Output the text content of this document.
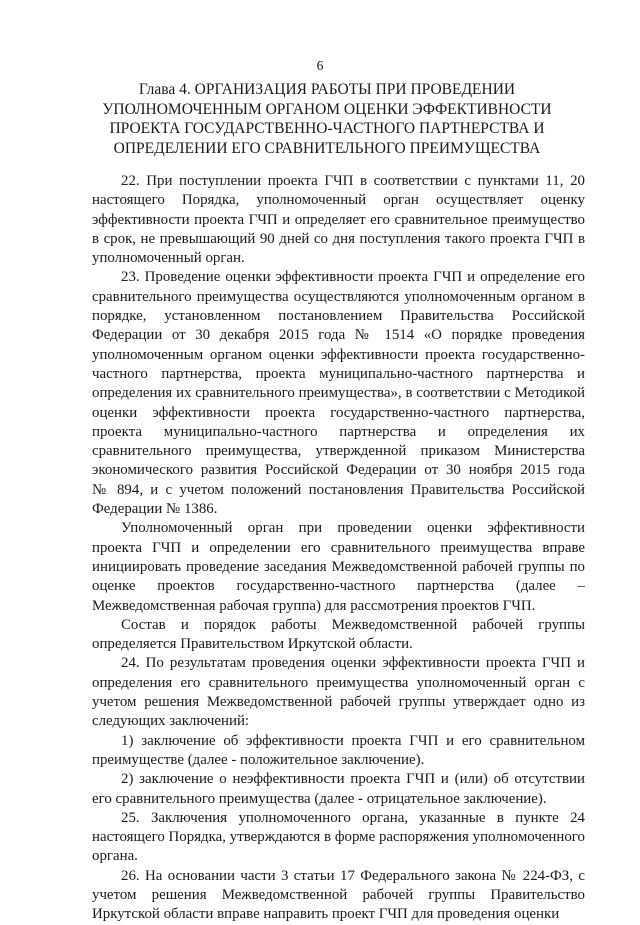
6
Глава 4. ОРГАНИЗАЦИЯ РАБОТЫ ПРИ ПРОВЕДЕНИИ
УПОЛНОМОЧЕННЫМ ОРГАНОМ ОЦЕНКИ ЭФФЕКТИВНОСТИ
ПРОЕКТА ГОСУДАРСТВЕННО-ЧАСТНОГО ПАРТНЕРСТВА И
ОПРЕДЕЛЕНИИ ЕГО СРАВНИТЕЛЬНОГО ПРЕИМУЩЕСТВА
22. При поступлении проекта ГЧП в соответствии с пунктами 11, 20
настоящего Порядка, уполномоченный орган осуществляет оценку
эффективности проекта ГЧП и определяет его сравнительное преимущество
в срок, не превышающий 90 дней со дня поступления такого проекта ГЧП в
уполномоченный орган.
23. Проведение оценки эффективности проекта ГЧП и определение его
сравнительного преимущества осуществляются уполномоченным органом в
порядке, установленном постановлением Правительства Российской
Федерации от 30 декабря 2015 года № 1514 «О порядке проведения
уполномоченным органом оценки эффективности проекта государственно-
частного партнерства, проекта муниципально-частного партнерства и
определения их сравнительного преимущества», в соответствии с Методикой
оценки эффективности проекта государственно-частного партнерства,
проекта муниципально-частного партнерства и определения их
сравнительного преимущества, утвержденной приказом Министерства
экономического развития Российской Федерации от 30 ноября 2015 года
№ 894, и с учетом положений постановления Правительства Российской
Федерации № 1386.
Уполномоченный орган при проведении оценки эффективности
проекта ГЧП и определении его сравнительного преимущества вправе
инициировать проведение заседания Межведомственной рабочей группы по
оценке проектов государственно-частного партнерства (далее –
Межведомственная рабочая группа) для рассмотрения проектов ГЧП.
Состав и порядок работы Межведомственной рабочей группы
определяется Правительством Иркутской области.
24. По результатам проведения оценки эффективности проекта ГЧП и
определения его сравнительного преимущества уполномоченный орган с
учетом решения Межведомственной рабочей группы утверждает одно из
следующих заключений:
1) заключение об эффективности проекта ГЧП и его сравнительном
преимуществе (далее - положительное заключение).
2) заключение о неэффективности проекта ГЧП и (или) об отсутствии
его сравнительного преимущества (далее - отрицательное заключение).
25. Заключения уполномоченного органа, указанные в пункте 24
настоящего Порядка, утверждаются в форме распоряжения уполномоченного
органа.
26. На основании части 3 статьи 17 Федерального закона № 224-ФЗ, с
учетом решения Межведомственной рабочей группы Правительство
Иркутской области вправе направить проект ГЧП для проведения оценки
